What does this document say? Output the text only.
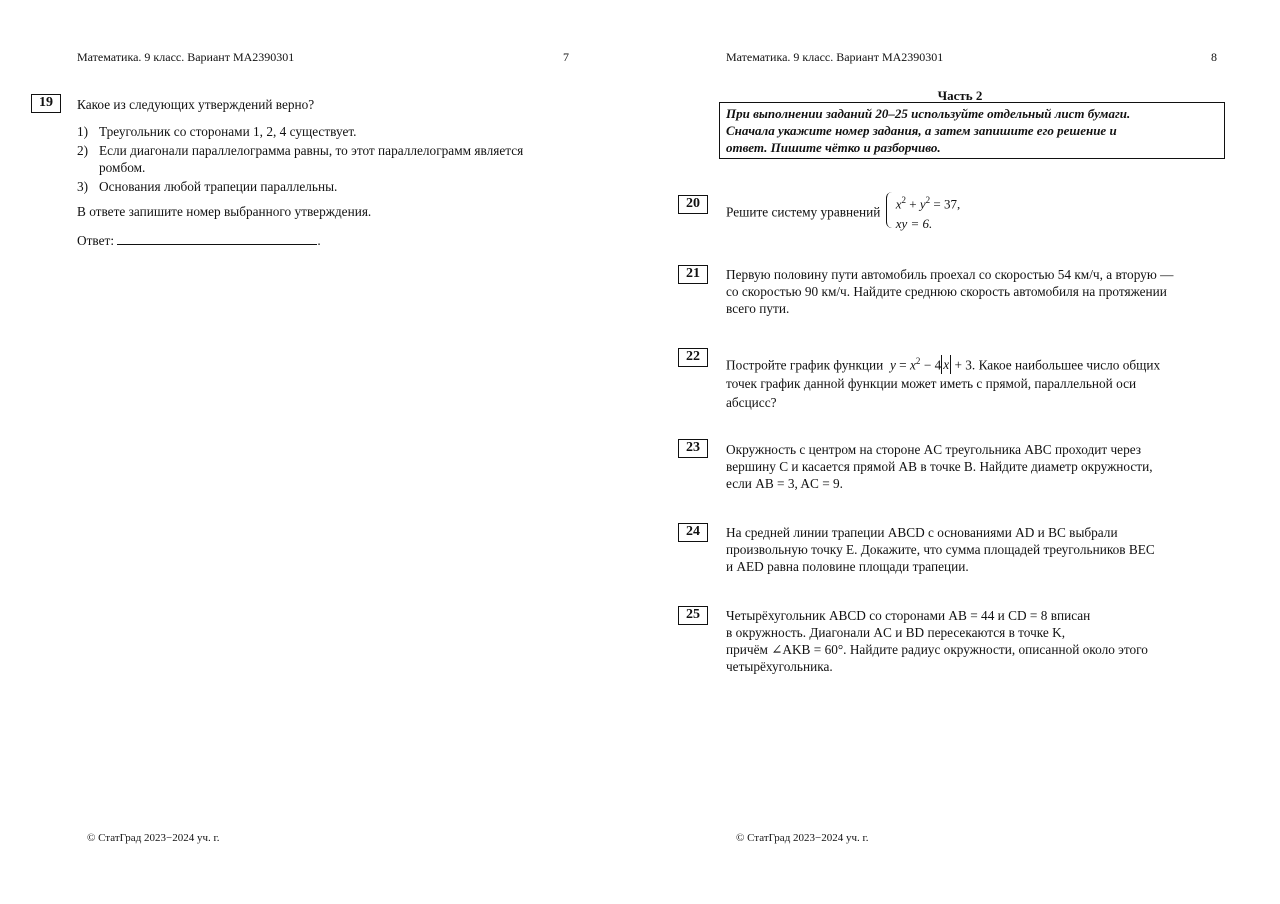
Математика. 9 класс. Вариант МА2390301	7
19	Какое из следующих утверждений верно?
1) Треугольник со сторонами 1, 2, 4 существует.
2) Если диагонали параллелограмма равны, то этот параллелограмм является
ромбом.
3) Основания любой трапеции параллельны.
В ответе запишите номер выбранного утверждения.
Ответ:	.
© СтатГрад 2023−2024 уч. г.
Математика. 9 класс. Вариант МА2390301	8
Часть 2
При выполнении заданий 20–25 используйте отдельный лист бумаги.
Сначала укажите номер задания, а затем запишите его решение и
ответ. Пишите чётко и разборчиво.
20
Решите систему уравнений
$x^2 + y^2 = 37$,
xy = 6.
21	Первую половину пути автомобиль проехал со скоростью 54 км/ч, а вторую —
со скоростью 90 км/ч. Найдите среднюю скорость автомобиля на протяжении
всего пути.
22
Постройте график функции $y = x^2 - 4$ x + 3. Какое наибольшее число общих
точек график данной функции может иметь с прямой, параллельной оси
абсцисс?
23	Окружность с центром на стороне AC треугольника ABC проходит через
вершину C и касается прямой AB в точке B. Найдите диаметр окружности,
если AB = 3, AC = 9.
24	На средней линии трапеции ABCD с основаниями AD и BC выбрали
произвольную точку E. Докажите, что сумма площадей треугольников BEC
и AED равна половине площади трапеции.
25	Четырёхугольник ABCD со сторонами AB = 44 и CD = 8 вписан
в окружность. Диагонали AC и BD пересекаются в точке K,
причём ∠AKB = 60°. Найдите радиус окружности, описанной около этого
четырёхугольника.
© СтатГрад 2023−2024 уч. г.
